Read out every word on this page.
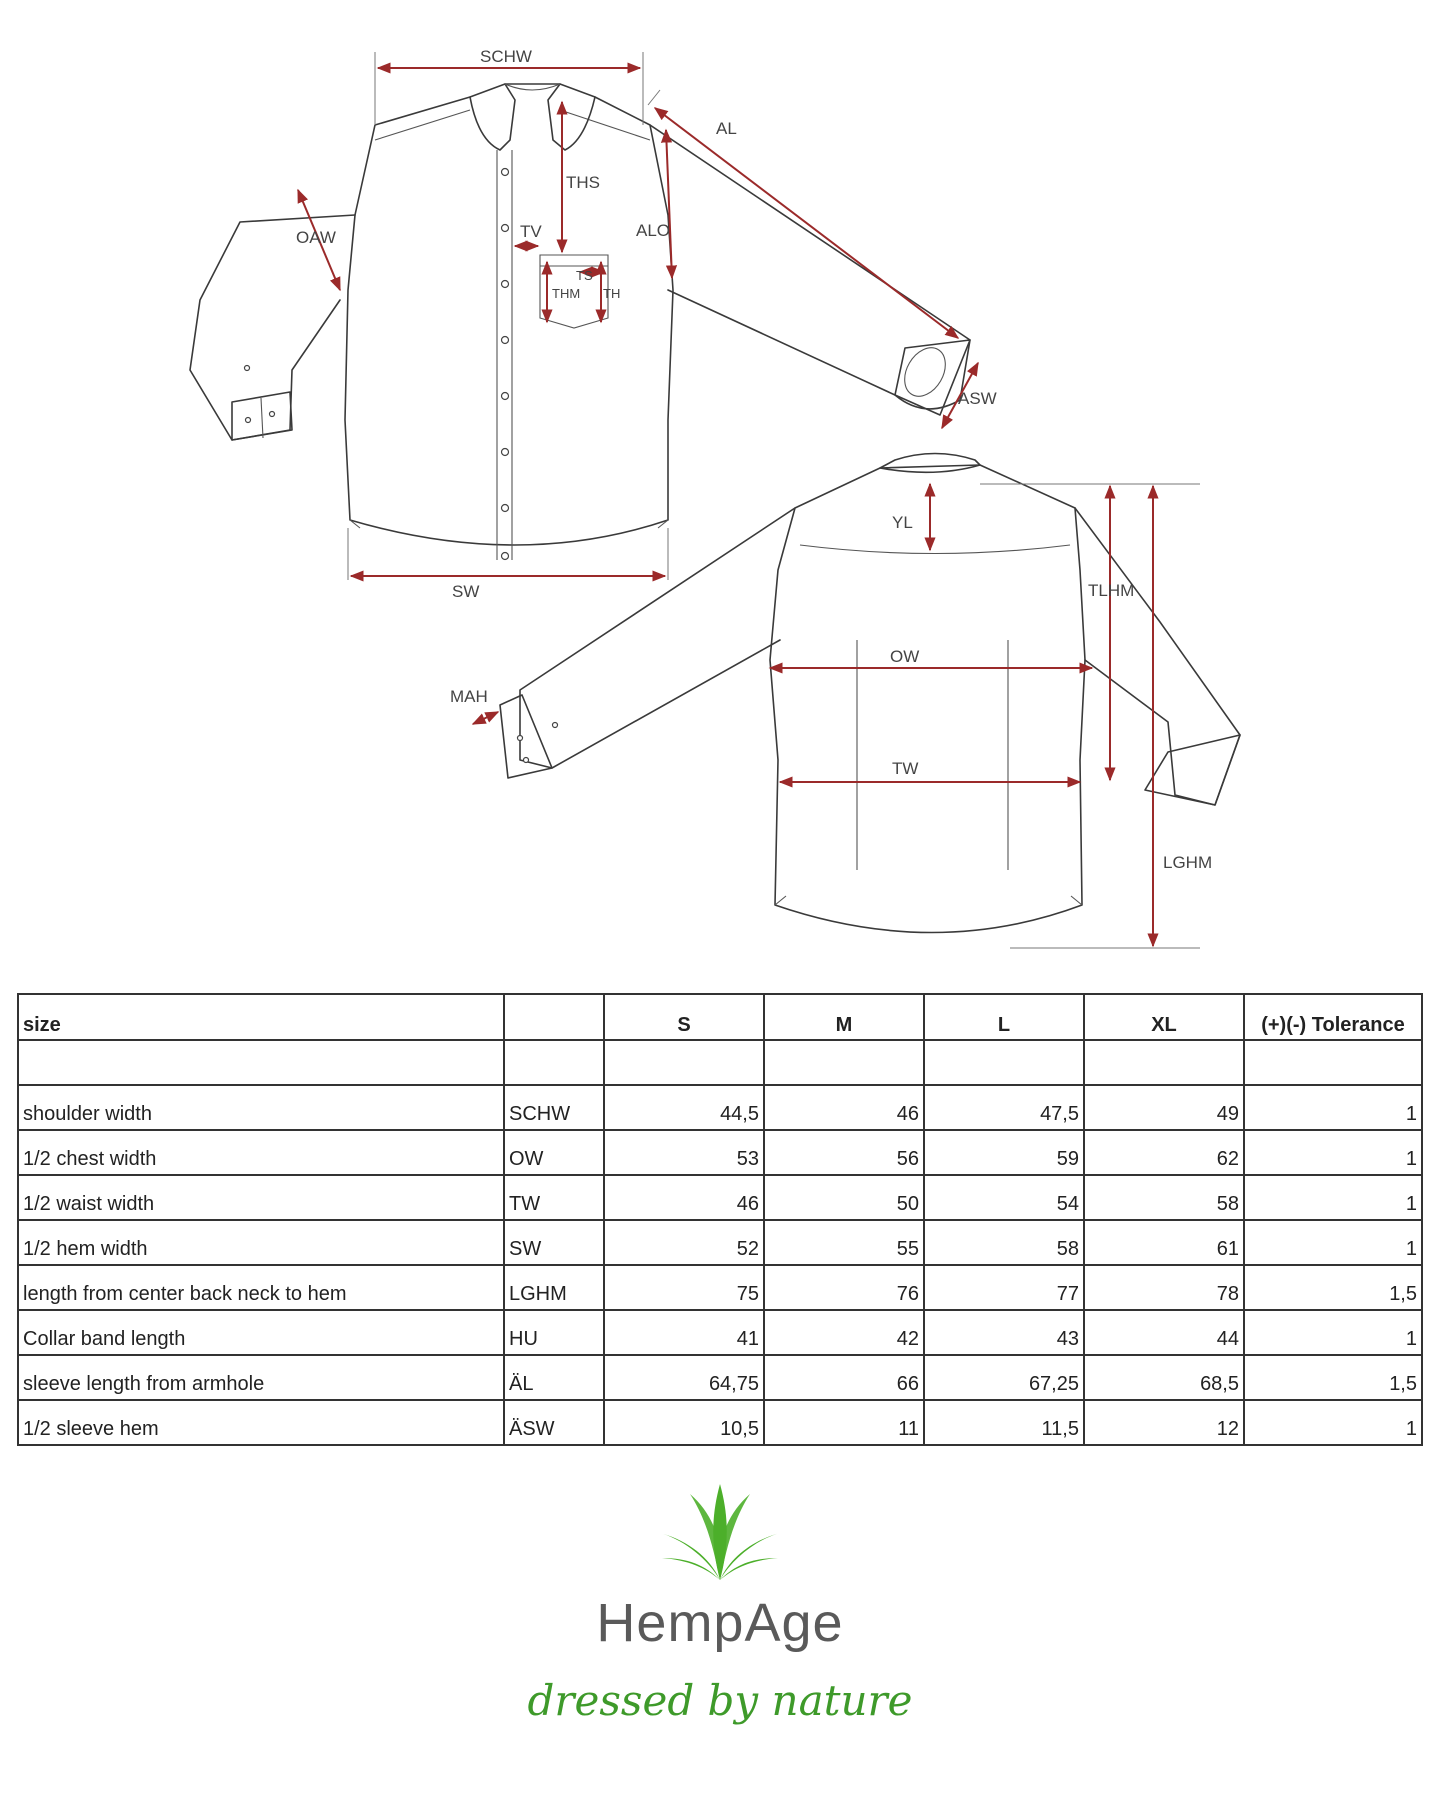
SCHW
AL
THS
OAW	TV	ALO
TS
THM TH
ASW
SW
YL
TLHM
MAH
OW
TW
LGHM
size		S	M	L	XL	(+)(-) Tolerance

shoulder width	SCHW	44,5	46	47,5	49	1
1/2 chest width	OW	53	56	59	62	1
1/2 waist width	TW	46	50	54	58	1
1/2 hem width	SW	52	55	58	61	1
length from center back neck to hem	LGHM	75	76	77	78	1,5
Collar band length	HU	41	42	43	44	1
sleeve length from armhole	ÄL	64,75	66	67,25	68,5	1,5
1/2 sleeve hem	ÄSW	10,5	11	11,5	12	1
HempAge
dressed by nature
